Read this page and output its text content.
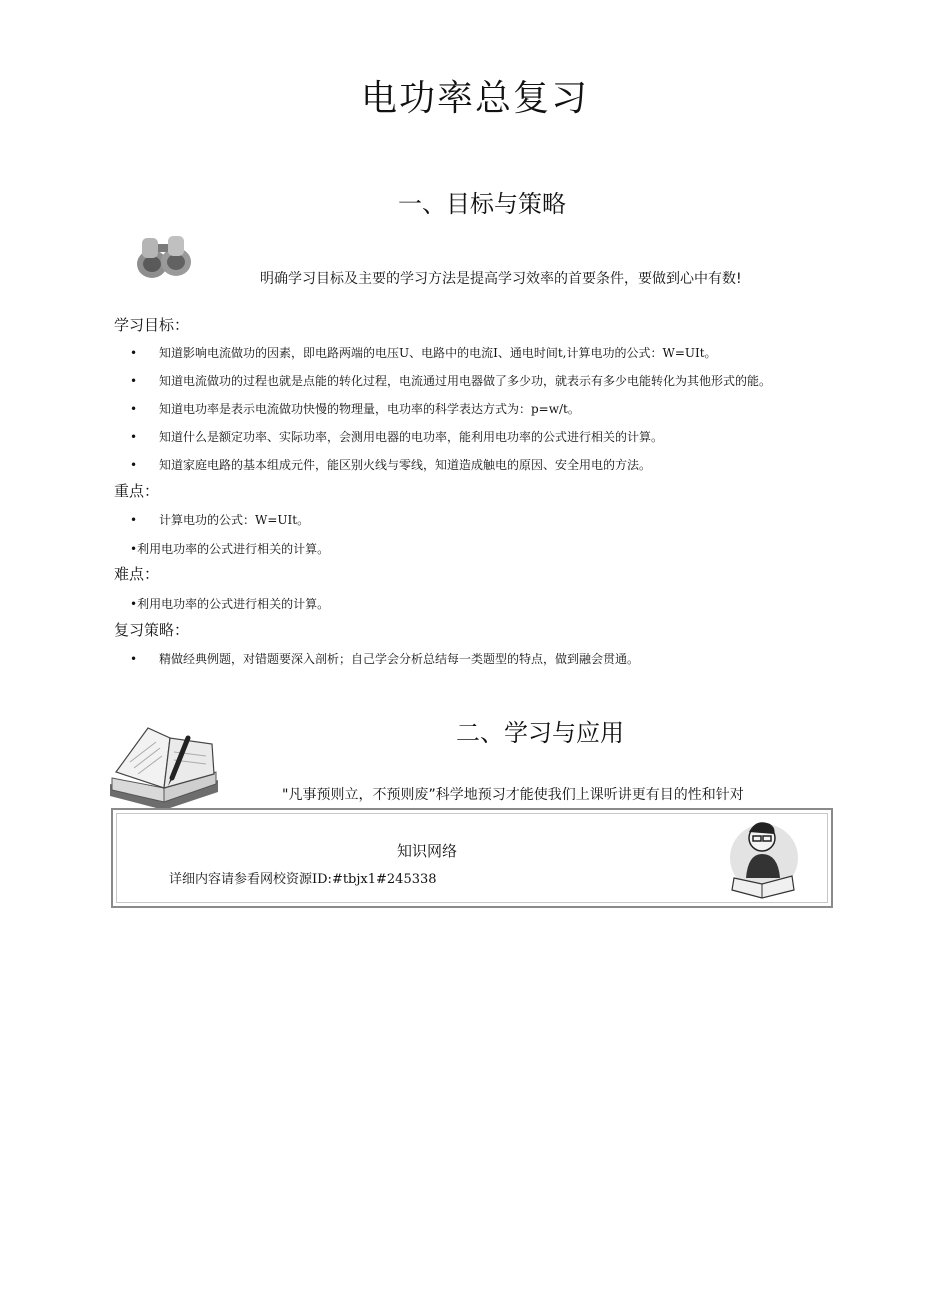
电功率总复习
一、目标与策略
明确学习目标及主要的学习方法是提高学习效率的首要条件，要做到心中有数!
学习目标：
• 知道影响电流做功的因素，即电路两端的电压U、电路中的电流I、通电时间t,计算电功的公式：W=UIt。
• 知道电流做功的过程也就是点能的转化过程，电流通过用电器做了多少功，就表示有多少电能转化为其他形式的能。
• 知道电功率是表示电流做功快慢的物理量，电功率的科学表达方式为：p=w/t。
• 知道什么是额定功率、实际功率，会测用电器的电功率，能利用电功率的公式进行相关的计算。
• 知道家庭电路的基本组成元件，能区别火线与零线，知道造成触电的原因、安全用电的方法。
重点：
• 计算电功的公式：W=UIt。
•利用电功率的公式进行相关的计算。
难点：
•利用电功率的公式进行相关的计算。
复习策略：
• 精做经典例题，对错题要深入剖析；自己学会分析总结每一类题型的特点，做到融会贯通。
二、学习与应用
"凡事预则立，不预则废”科学地预习才能使我们上课听讲更有目的性和针对
知识网络
详细内容请参看网校资源ID:#tbjx1#245338
